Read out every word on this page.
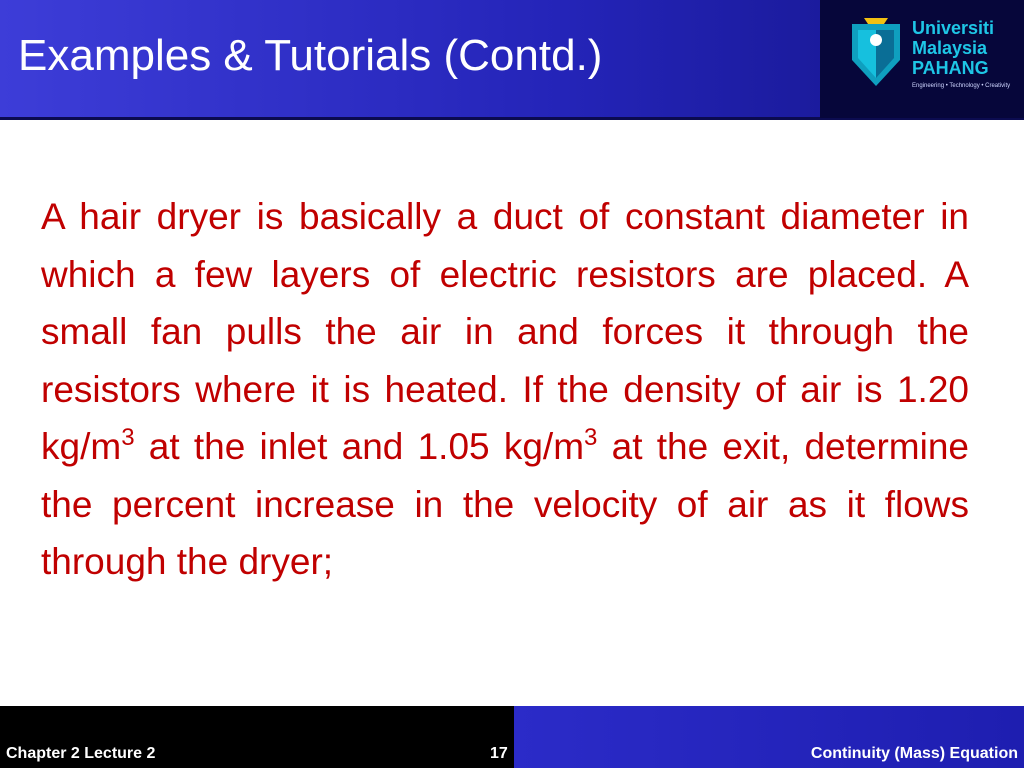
Examples & Tutorials (Contd.)
Universiti
Malaysia
PAHANG
Engineering • Technology • Creativity

A hair dryer is basically a duct of constant diameter in which a few layers of electric resistors are placed. A small fan pulls the air in and forces it through the resistors where it is heated. If the density of air is 1.20 $kg/m^3$ at the inlet and 1.05 $kg/m^3$ at the exit, determine the percent increase in the velocity of air as it flows through the dryer;

Chapter 2 Lecture 2	17	Continuity (Mass) Equation
